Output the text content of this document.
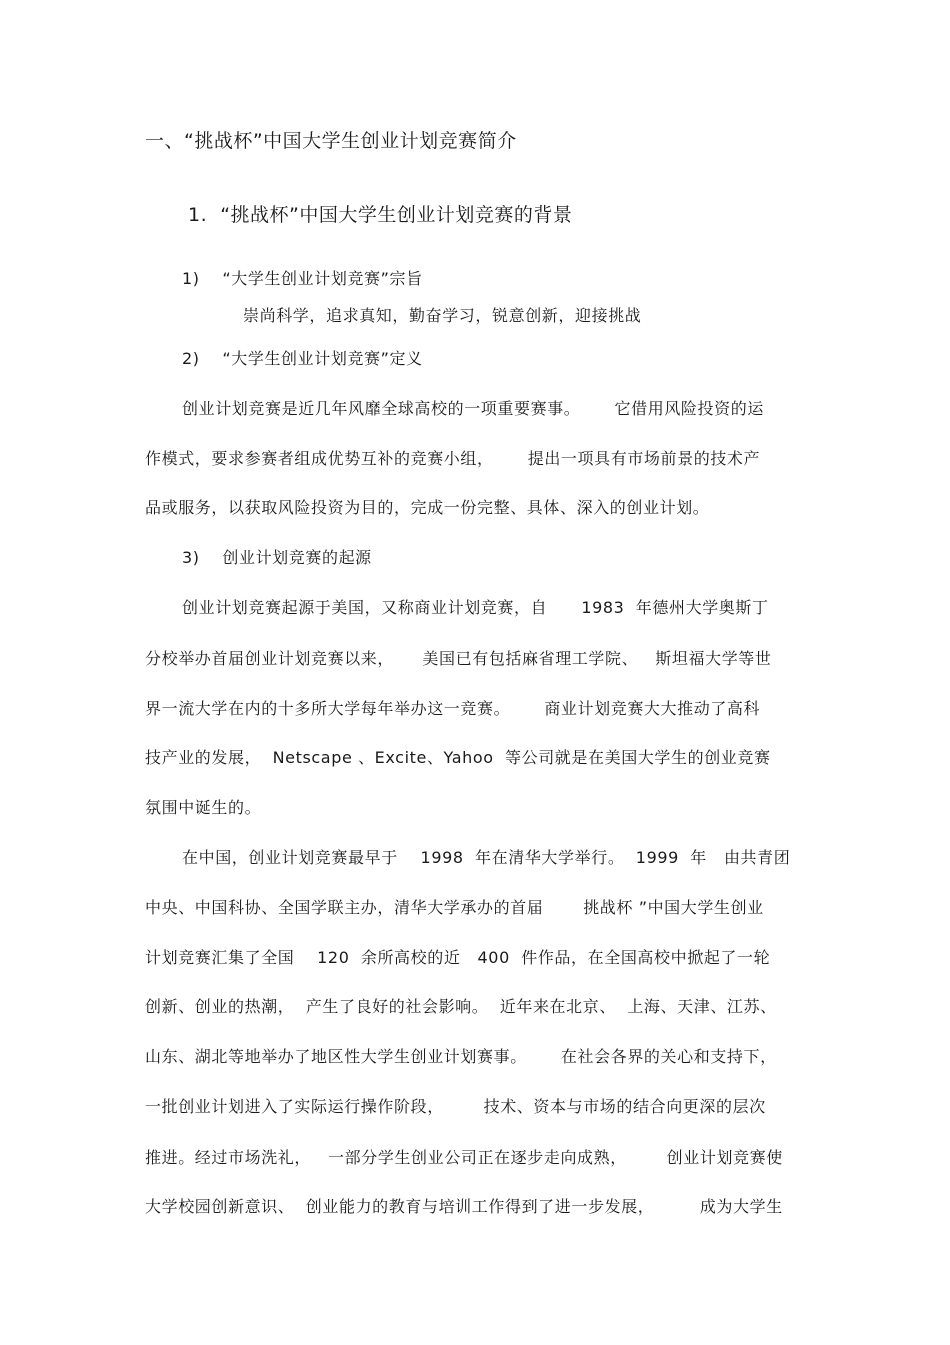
一、“挑战杯”中国大学生创业计划竞赛简介
1.  “挑战杯”中国大学生创业计划竞赛的背景
1)    “大学生创业计划竞赛”宗旨
崇尚科学，追求真知，勤奋学习，锐意创新，迎接挑战
2)    “大学生创业计划竞赛”定义
创业计划竞赛是近几年风靡全球高校的一项重要赛事。      它借用风险投资的运
作模式，要求参赛者组成优势互补的竞赛小组，      提出一项具有市场前景的技术产
品或服务，以获取风险投资为目的，完成一份完整、具体、深入的创业计划。
3)    创业计划竞赛的起源
创业计划竞赛起源于美国，又称商业计划竞赛，自      1983  年德州大学奥斯丁
分校举办首届创业计划竞赛以来，     美国已有包括麻省理工学院、   斯坦福大学等世
界一流大学在内的十多所大学每年举办这一竞赛。      商业计划竞赛大大推动了高科
技产业的发展，  Netscape 、Excite、Yahoo  等公司就是在美国大学生的创业竞赛
氛围中诞生的。
在中国，创业计划竞赛最早于    1998  年在清华大学举行。  1999  年   由共青团
中央、中国科协、全国学联主办，清华大学承办的首届       挑战杯 ”中国大学生创业
计划竞赛汇集了全国    120  余所高校的近   400  件作品，在全国高校中掀起了一轮
创新、创业的热潮，  产生了良好的社会影响。  近年来在北京、  上海、天津、江苏、
山东、湖北等地举办了地区性大学生创业计划赛事。      在社会各界的关心和支持下，
一批创业计划进入了实际运行操作阶段，       技术、资本与市场的结合向更深的层次
推进。经过市场洗礼，   一部分学生创业公司正在逐步走向成熟，       创业计划竞赛使
大学校园创新意识、  创业能力的教育与培训工作得到了进一步发展，        成为大学生
